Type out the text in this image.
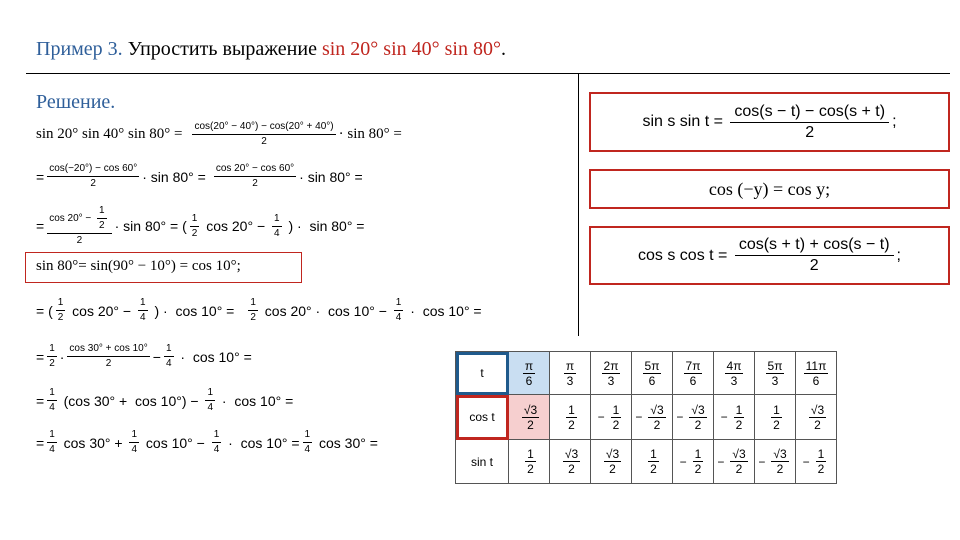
Пример 3. Упростить выражение sin 20° sin 40° sin 80°.
Решение.
sin 20° sin 40° $\sin 80^\circ = \frac{\cos(20^\circ - 40^\circ) - \cos(20^\circ + 40^\circ)}{2} \cdot \sin 80^\circ$ =
= $\frac{\cos(-20^\circ) - \cos 60^\circ}{2} \cdot \sin 80^\circ = \frac{\cos 20^\circ - \cos 60^\circ}{2} \cdot \sin 80^\circ$ =
= $\frac{\cos 20^\circ - \frac{1}{2}}{2} \cdot \sin 80^\circ$ = ( $\frac{1}{2}$ $\cos 20^\circ - \frac{1}{4}$ ) ·  sin 80° =
sin 80°= sin(90° − 10°) = cos 10°;
= ( $\frac{1}{2}$ $\cos 20^\circ - \frac{1}{4}$ ) ·  $\cos 10^\circ = \frac{1}{2}$ $\cos 20^\circ \cdot \cos 10^\circ - \frac{1}{4} \cdot \cos 10^\circ$ =
= $\frac{1}{2} \cdot \frac{\cos 30^\circ + \cos 10^\circ}{2} - \frac{1}{4} \cdot \cos 10^\circ$ =
= $\frac{1}{4} (\cos$ $30^\circ + \cos 10^\circ) - \frac{1}{4} \cdot \cos 10^\circ$ =
= $\frac{1}{4}$ $\cos 30^\circ + \frac{1}{4}$ $\cos 10^\circ - \frac{1}{4} \cdot \cos 10^\circ = \frac{1}{4}$ cos 30° =
sin s $\sin t = \frac{\cos(s - t) - \cos(s + t)}{2}$ ;
cos (−y) = cos y;
cos s $\cos t = \frac{\cos(s + t) + \cos(s - t)}{2}$ ;
t	$\frac{\pi}{6}$	$\frac{\pi}{3}$	$\frac{2\pi}{3}$	$\frac{5\pi}{6}$	$\frac{7\pi}{6}$	$\frac{4\pi}{3}$	$\frac{5\pi}{3}$	$\frac{11\pi}{6}$

cos t	$\frac{√3}{2}$	$\frac{1}{2}$	− $\frac{1}{2}$	− $\frac{√3}{2}$	− $\frac{√3}{2}$	− $\frac{1}{2}$	$\frac{1}{2}$	$\frac{√3}{2}$

sin t	$\frac{1}{2}$	$\frac{√3}{2}$	$\frac{√3}{2}$	$\frac{1}{2}$	− $\frac{1}{2}$	− $\frac{√3}{2}$	− $\frac{√3}{2}$	− $\frac{1}{2}$
